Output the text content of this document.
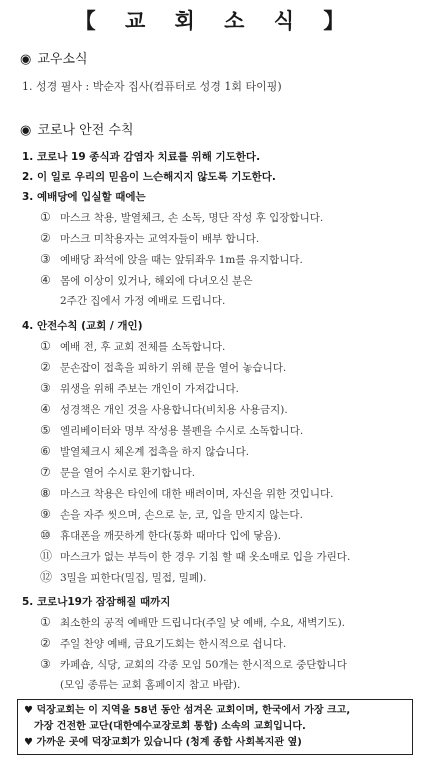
【 교 회 소 식 】
◉ 교우소식
1. 성경 필사 : 박순자 집사(컴퓨터로 성경 1회 타이핑)
◉ 코로나 안전 수칙
1. 코로나 19 종식과 감염자 치료를 위해 기도한다.
2. 이 일로 우리의 믿음이 느슨해지지 않도록 기도한다.
3. 예배당에 입실할 때에는
① 마스크 착용, 발열체크, 손 소독, 명단 작성 후 입장합니다.
② 마스크 미착용자는 교역자들이 배부 합니다.
③ 예배당 좌석에 앉을 때는 앞뒤좌우 1m를 유지합니다.
④ 몸에 이상이 있거나, 해외에 다녀오신 분은
2주간 집에서 가정 예배로 드립니다.
4. 안전수칙 (교회 / 개인)
① 예배 전, 후 교회 전체를 소독합니다.
② 문손잡이 접촉을 피하기 위해 문을 열어 놓습니다.
③ 위생을 위해 주보는 개인이 가져갑니다.
④ 성경책은 개인 것을 사용합니다(비치용 사용금지).
⑤ 엘리베이터와 명부 작성용 볼펜을 수시로 소독합니다.
⑥ 발열체크시 체온계 접촉을 하지 않습니다.
⑦ 문을 열어 수시로 환기합니다.
⑧ 마스크 착용은 타인에 대한 배려이며, 자신을 위한 것입니다.
⑨ 손을 자주 씻으며, 손으로 눈, 코, 입을 만지지 않는다.
⑩ 휴대폰을 깨끗하게 한다(통화 때마다 입에 닿음).
⑪ 마스크가 없는 부득이 한 경우 기침 할 때 옷소매로 입을 가린다.
⑫ 3밀을 피한다(밀집, 밀접, 밀폐).
5. 코로나19가 잠잠해질 때까지
① 최소한의 공적 예배만 드립니다(주일 낮 예배, 수요, 새벽기도).
② 주일 찬양 예배, 금요기도회는 한시적으로 쉽니다.
③ 카페숍, 식당, 교회의 각종 모임 50개는 한시적으로 중단합니다
(모임 종류는 교회 홈페이지 참고 바람).
♥ 덕장교회는 이 지역을 58년 동안 섬겨온 교회이며, 한국에서 가장 크고,
가장 건전한 교단(대한예수교장로회 통합) 소속의 교회입니다.
♥ 가까운 곳에 덕장교회가 있습니다 (청계 종합 사회복지관 옆)
